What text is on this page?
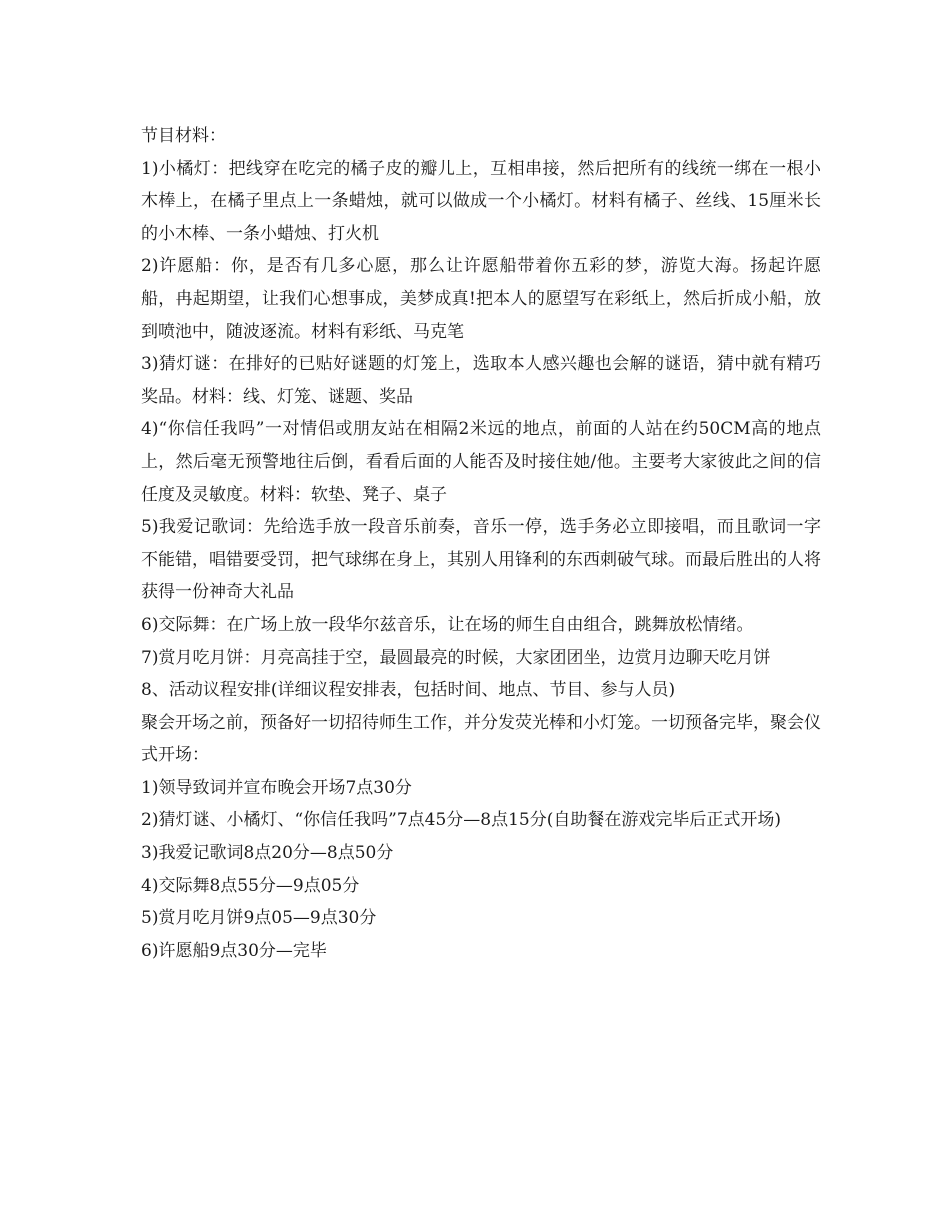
节目材料：

1)小橘灯：把线穿在吃完的橘子皮的瓣儿上，互相串接，然后把所有的线统一绑在一根小木棒上，在橘子里点上一条蜡烛，就可以做成一个小橘灯。材料有橘子、丝线、15厘米长的小木棒、一条小蜡烛、打火机

2)许愿船：你，是否有几多心愿，那么让许愿船带着你五彩的梦，游览大海。扬起许愿船，冉起期望，让我们心想事成，美梦成真!把本人的愿望写在彩纸上，然后折成小船，放到喷池中，随波逐流。材料有彩纸、马克笔

3)猜灯谜：在排好的已贴好谜题的灯笼上，选取本人感兴趣也会解的谜语，猜中就有精巧奖品。材料：线、灯笼、谜题、奖品

4)“你信任我吗”一对情侣或朋友站在相隔2米远的地点，前面的人站在约50CM高的地点上，然后毫无预警地往后倒，看看后面的人能否及时接住她/他。主要考大家彼此之间的信任度及灵敏度。材料：软垫、凳子、桌子

5)我爱记歌词：先给选手放一段音乐前奏，音乐一停，选手务必立即接唱，而且歌词一字不能错，唱错要受罚，把气球绑在身上，其别人用锋利的东西刺破气球。而最后胜出的人将获得一份神奇大礼品

6)交际舞：在广场上放一段华尔兹音乐，让在场的师生自由组合，跳舞放松情绪。

7)赏月吃月饼：月亮高挂于空，最圆最亮的时候，大家团团坐，边赏月边聊天吃月饼

8、活动议程安排(详细议程安排表，包括时间、地点、节目、参与人员)

聚会开场之前，预备好一切招待师生工作，并分发荧光棒和小灯笼。一切预备完毕，聚会仪式开场：

1)领导致词并宣布晚会开场7点30分

2)猜灯谜、小橘灯、“你信任我吗”7点45分—8点15分(自助餐在游戏完毕后正式开场)

3)我爱记歌词8点20分—8点50分

4)交际舞8点55分—9点05分

5)赏月吃月饼9点05—9点30分

6)许愿船9点30分—完毕
